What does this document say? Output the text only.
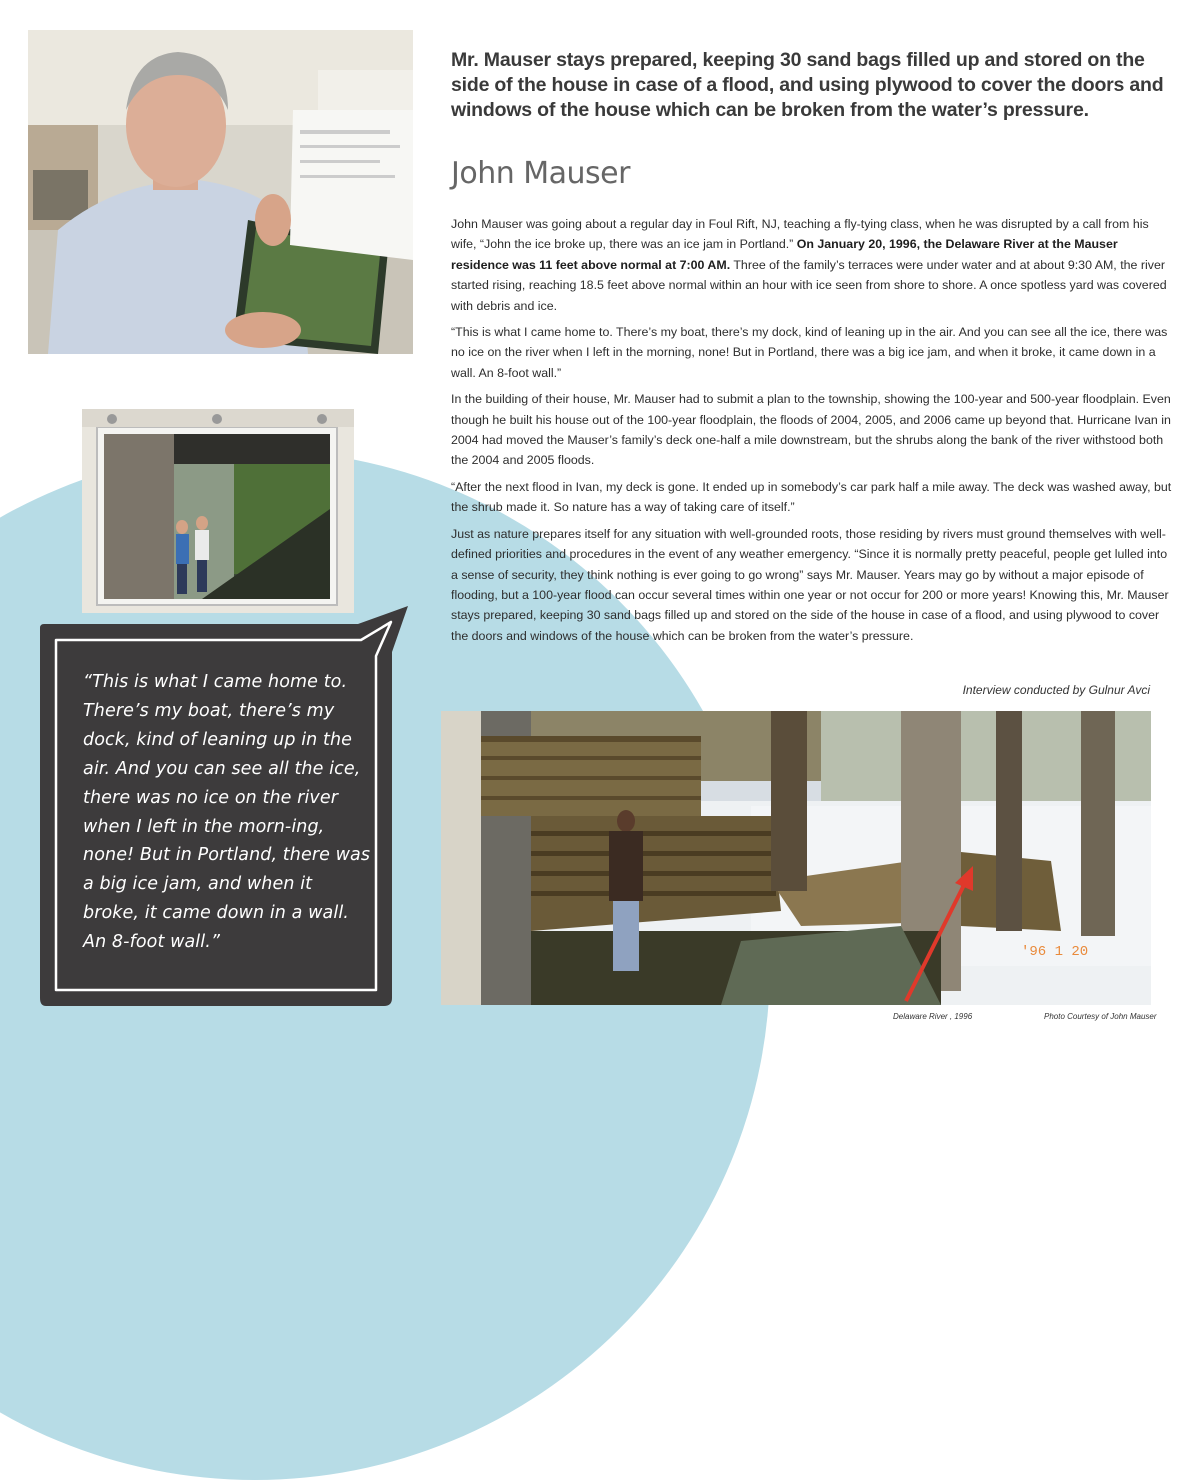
'96 1 20
Mr. Mauser stays prepared, keeping 30 sand bags filled up and stored on the side of the house in case of a flood, and using plywood to cover the doors and windows of the house which can be broken from the water’s pressure.
John Mauser

John Mauser was going about a regular day in Foul Rift, NJ, teaching a fly-tying class, when he was disrupted by a call from his wife, “John the ice broke up, there was an ice jam in Portland.” On January 20, 1996, the Delaware River at the Mauser residence was 11 feet above normal at 7:00 AM. Three of the family’s terraces were under water and at about 9:30 AM, the river started rising, reaching 18.5 feet above normal within an hour with ice seen from shore to shore. A once spotless yard was covered with debris and ice.

“This is what I came home to. There’s my boat, there’s my dock, kind of leaning up in the air. And you can see all the ice, there was no ice on the river when I left in the morning, none! But in Portland, there was a big ice jam, and when it broke, it came down in a wall. An 8-foot wall.”

In the building of their house, Mr. Mauser had to submit a plan to the township, showing the 100-year and 500-year floodplain. Even though he built his house out of the 100-year floodplain, the floods of 2004, 2005, and 2006 came up beyond that. Hurricane Ivan in 2004 had moved the Mauser’s family’s deck one-half a mile downstream, but the shrubs along the bank of the river withstood both the 2004 and 2005 floods.

“After the next flood in Ivan, my deck is gone. It ended up in somebody’s car park half a mile away. The deck was washed away, but the shrub made it. So nature has a way of taking care of itself.”

Just as nature prepares itself for any situation with well-grounded roots, those residing by rivers must ground themselves with well-defined priorities and procedures in the event of any weather emergency. “Since it is normally pretty peaceful, people get lulled into a sense of security, they think nothing is ever going to go wrong” says Mr. Mauser. Years may go by without a major episode of flooding, but a 100-year flood can occur several times within one year or not occur for 200 or more years! Knowing this, Mr. Mauser stays prepared, keeping 30 sand bags filled up and stored on the side of the house in case of a flood, and using plywood to cover the doors and windows of the house which can be broken from the water’s pressure.

Interview conducted by Gulnur Avci
“This is what I came home to. There’s my boat, there’s my dock, kind of leaning up in the air. And you can see all the ice, there was no ice on the river when I left in the morn-ing, none! But in Portland, there was a big ice jam, and when it broke, it came down in a wall. An 8-foot wall.”
Delaware River , 1996	Photo Courtesy of John Mauser
